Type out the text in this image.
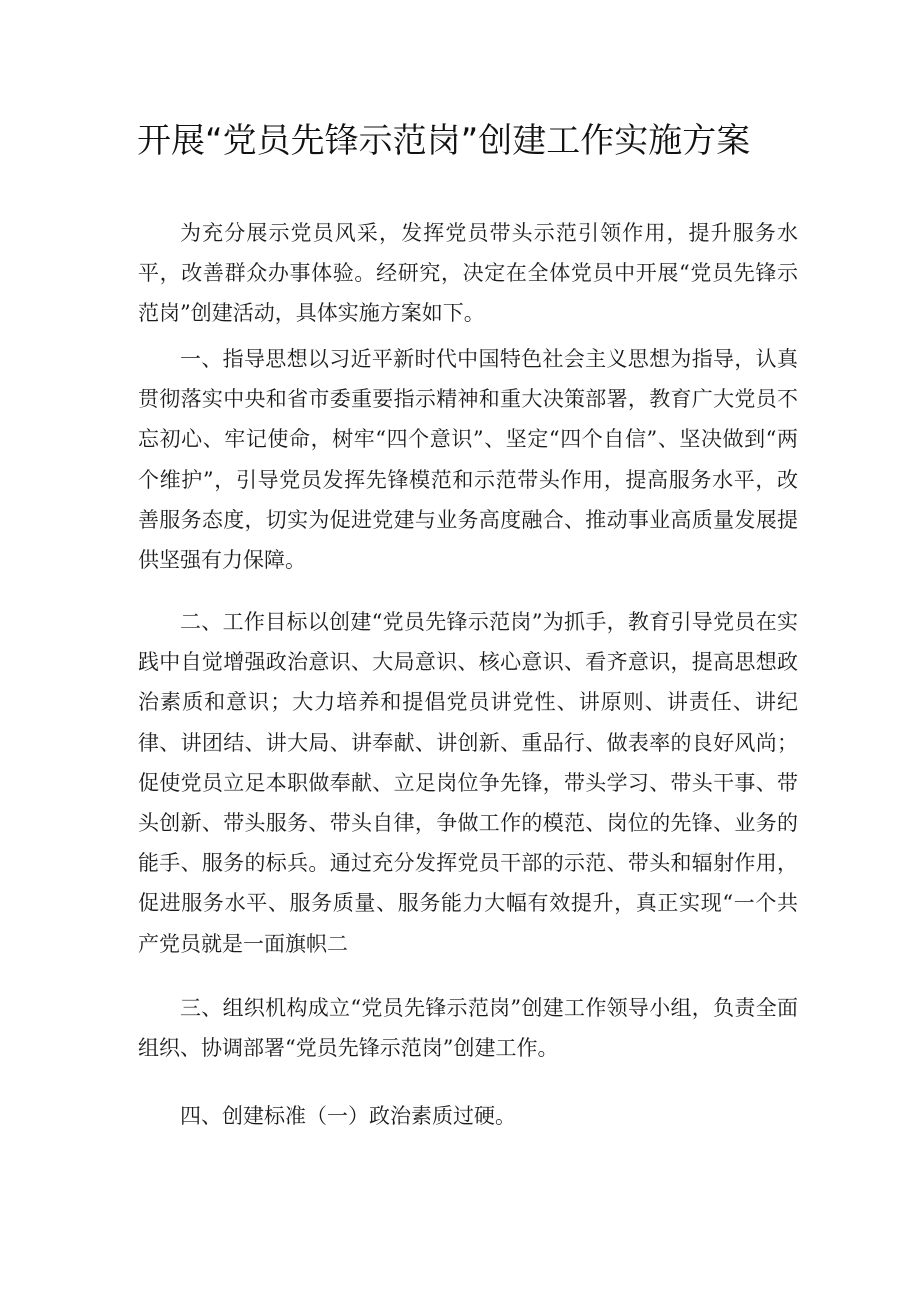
开展“党员先锋示范岗”创建工作实施方案

为充分展示党员风采，发挥党员带头示范引领作用，提升服务水平，改善群众办事体验。经研究，决定在全体党员中开展“党员先锋示范岗”创建活动，具体实施方案如下。

一、指导思想以习近平新时代中国特色社会主义思想为指导，认真贯彻落实中央和省市委重要指示精神和重大决策部署，教育广大党员不忘初心、牢记使命，树牢“四个意识”、坚定“四个自信”、坚决做到“两个维护”，引导党员发挥先锋模范和示范带头作用，提高服务水平，改善服务态度，切实为促进党建与业务高度融合、推动事业高质量发展提供坚强有力保障。

二、工作目标以创建“党员先锋示范岗”为抓手，教育引导党员在实践中自觉增强政治意识、大局意识、核心意识、看齐意识，提高思想政治素质和意识；大力培养和提倡党员讲党性、讲原则、讲责任、讲纪律、讲团结、讲大局、讲奉献、讲创新、重品行、做表率的良好风尚；促使党员立足本职做奉献、立足岗位争先锋，带头学习、带头干事、带头创新、带头服务、带头自律，争做工作的模范、岗位的先锋、业务的能手、服务的标兵。通过充分发挥党员干部的示范、带头和辐射作用，促进服务水平、服务质量、服务能力大幅有效提升，真正实现“一个共产党员就是一面旗帜二

三、组织机构成立“党员先锋示范岗”创建工作领导小组，负责全面组织、协调部署“党员先锋示范岗”创建工作。

四、创建标准（一）政治素质过硬。
